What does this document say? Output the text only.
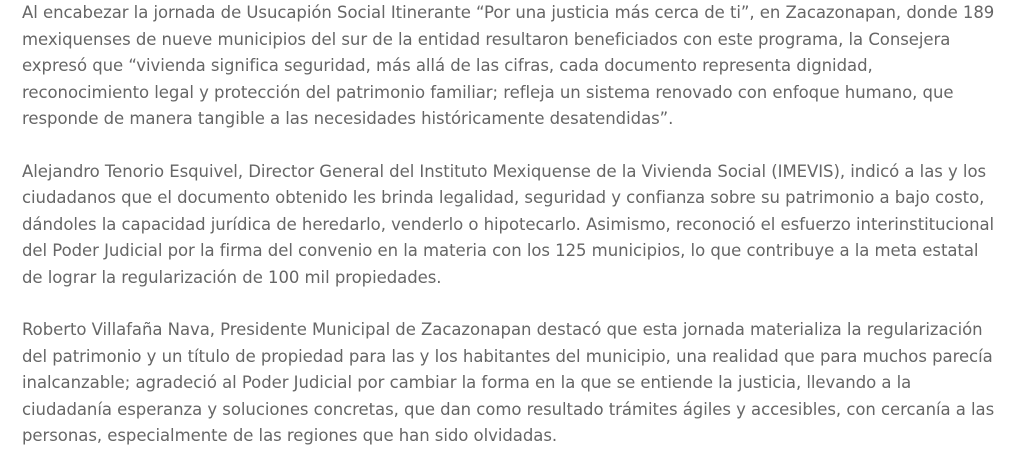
Al encabezar la jornada de Usucapión Social Itinerante “Por una justicia más cerca de ti”, en Zacazonapan, donde 189 mexiquenses de nueve municipios del sur de la entidad resultaron beneficiados con este programa, la Consejera expresó que “vivienda significa seguridad, más allá de las cifras, cada documento representa dignidad, reconocimiento legal y protección del patrimonio familiar; refleja un sistema renovado con enfoque humano, que responde de manera tangible a las necesidades históricamente desatendidas”.

Alejandro Tenorio Esquivel, Director General del Instituto Mexiquense de la Vivienda Social (IMEVIS), indicó a las y los ciudadanos que el documento obtenido les brinda legalidad, seguridad y confianza sobre su patrimonio a bajo costo, dándoles la capacidad jurídica de heredarlo, venderlo o hipotecarlo. Asimismo, reconoció el esfuerzo interinstitucional del Poder Judicial por la firma del convenio en la materia con los 125 municipios, lo que contribuye a la meta estatal de lograr la regularización de 100 mil propiedades.

Roberto Villafaña Nava, Presidente Municipal de Zacazonapan destacó que esta jornada materializa la regularización del patrimonio y un título de propiedad para las y los habitantes del municipio, una realidad que para muchos parecía inalcanzable; agradeció al Poder Judicial por cambiar la forma en la que se entiende la justicia, llevando a la ciudadanía esperanza y soluciones concretas, que dan como resultado trámites ágiles y accesibles, con cercanía a las personas, especialmente de las regiones que han sido olvidadas.
